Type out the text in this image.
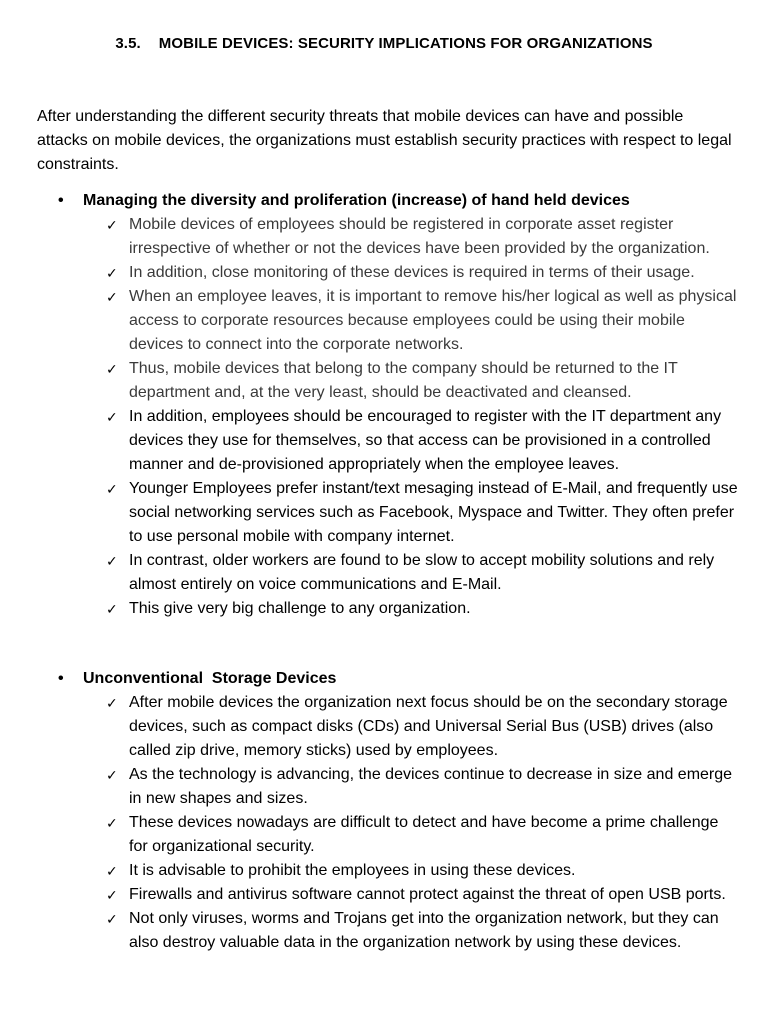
3.5. MOBILE DEVICES: SECURITY IMPLICATIONS FOR ORGANIZATIONS

After understanding the different security threats that mobile devices can have and possible attacks on mobile devices, the organizations must establish security practices with respect to legal constraints.

• Managing the diversity and proliferation (increase) of hand held devices
✓ Mobile devices of employees should be registered in corporate asset register irrespective of whether or not the devices have been provided by the organization.
✓ In addition, close monitoring of these devices is required in terms of their usage.
✓ When an employee leaves, it is important to remove his/her logical as well as physical access to corporate resources because employees could be using their mobile devices to connect into the corporate networks.
✓ Thus, mobile devices that belong to the company should be returned to the IT department and, at the very least, should be deactivated and cleansed.
✓ In addition, employees should be encouraged to register with the IT department any devices they use for themselves, so that access can be provisioned in a controlled manner and de-provisioned appropriately when the employee leaves.
✓ Younger Employees prefer instant/text mesaging instead of E-Mail, and frequently use social networking services such as Facebook, Myspace and Twitter. They often prefer to use personal mobile with company internet.
✓ In contrast, older workers are found to be slow to accept mobility solutions and rely almost entirely on voice communications and E-Mail.
✓ This give very big challenge to any organization.
• Unconventional  Storage Devices
✓ After mobile devices the organization next focus should be on the secondary storage devices, such as compact disks (CDs) and Universal Serial Bus (USB) drives (also called zip drive, memory sticks) used by employees.
✓ As the technology is advancing, the devices continue to decrease in size and emerge in new shapes and sizes.
✓ These devices nowadays are difficult to detect and have become a prime challenge for organizational security.
✓ It is advisable to prohibit the employees in using these devices.
✓ Firewalls and antivirus software cannot protect against the threat of open USB ports.
✓ Not only viruses, worms and Trojans get into the organization network, but they can also destroy valuable data in the organization network by using these devices.
